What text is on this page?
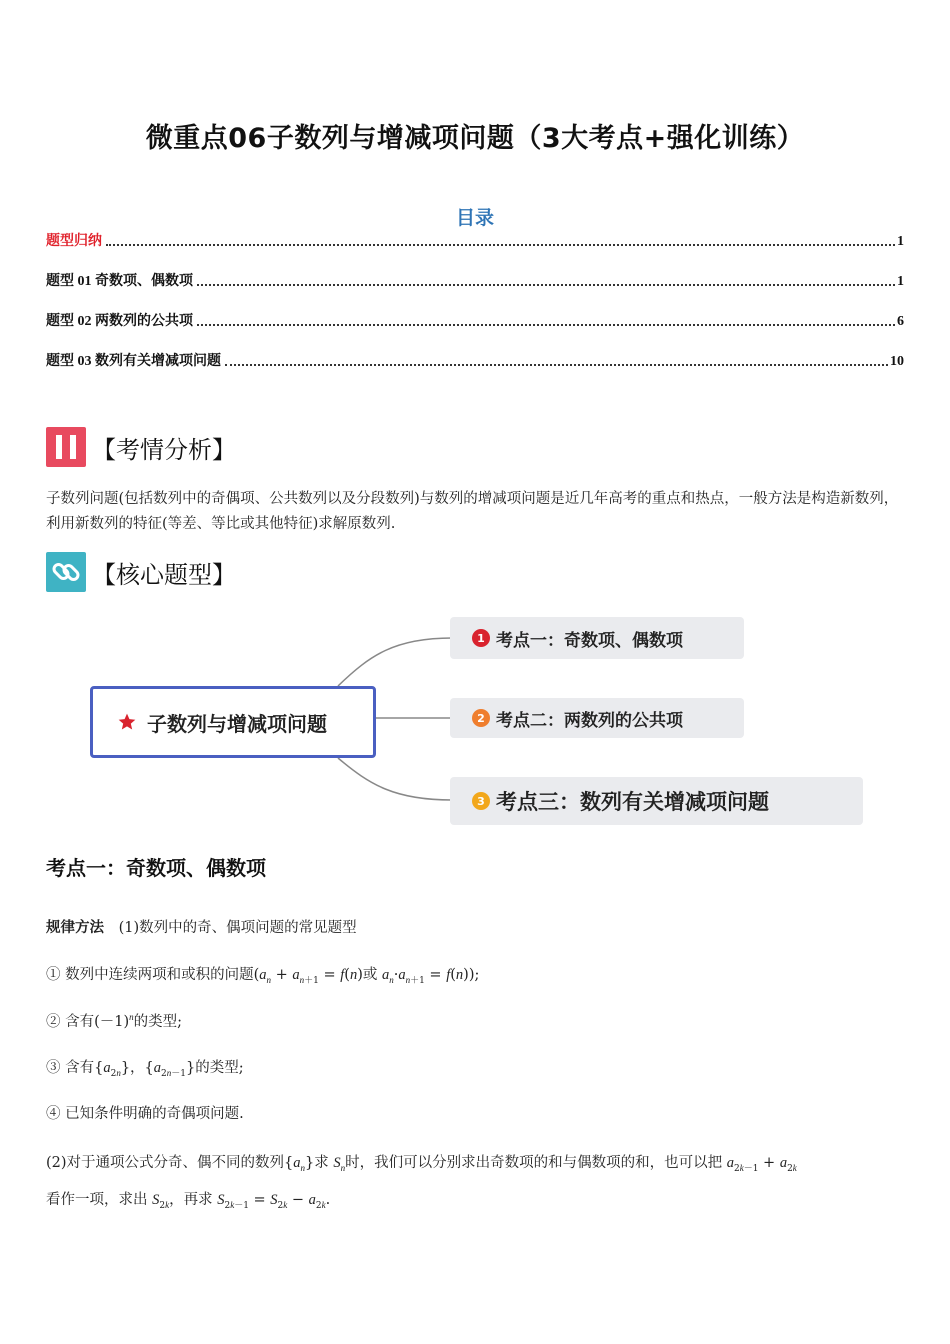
微重点06子数列与增减项问题（3大考点+强化训练）
目录
题型归纳	1
题型 01 奇数项、偶数项	1
题型 02 两数列的公共项	6
题型 03 数列有关增减项问题	10
【考情分析】
子数列问题(包括数列中的奇偶项、公共数列以及分段数列)与数列的增减项问题是近几年高考的重点和热点，一般方法是构造新数列，利用新数列的特征(等差、等比或其他特征)求解原数列.
【核心题型】
子数列与增减项问题
1 考点一：奇数项、偶数项
2 考点二：两数列的公共项
3 考点三：数列有关增减项问题
考点一：奇数项、偶数项
规律方法 (1)数列中的奇、偶项问题的常见题型
① 数列中连续两项和或积的问题($a_n + a_{n+1} = f(n)$或 $a_n\cdot a_{n+1} = f(n)$);
② 含有$(-1)^n$的类型;
③ 含有$\{a_{2n}\}$，$\{a_{2n-1}\}$的类型;
④ 已知条件明确的奇偶项问题.
(2)对于通项公式分奇、偶不同的数列$\{a_n\}$求 $S_n$时，我们可以分别求出奇数项的和与偶数项的和，也可以把 $a_{2k-1} + a_{2k}$
看作一项，求出 $S_{2k}$，再求 $S_{2k-1} = S_{2k} - a_{2k}$.
